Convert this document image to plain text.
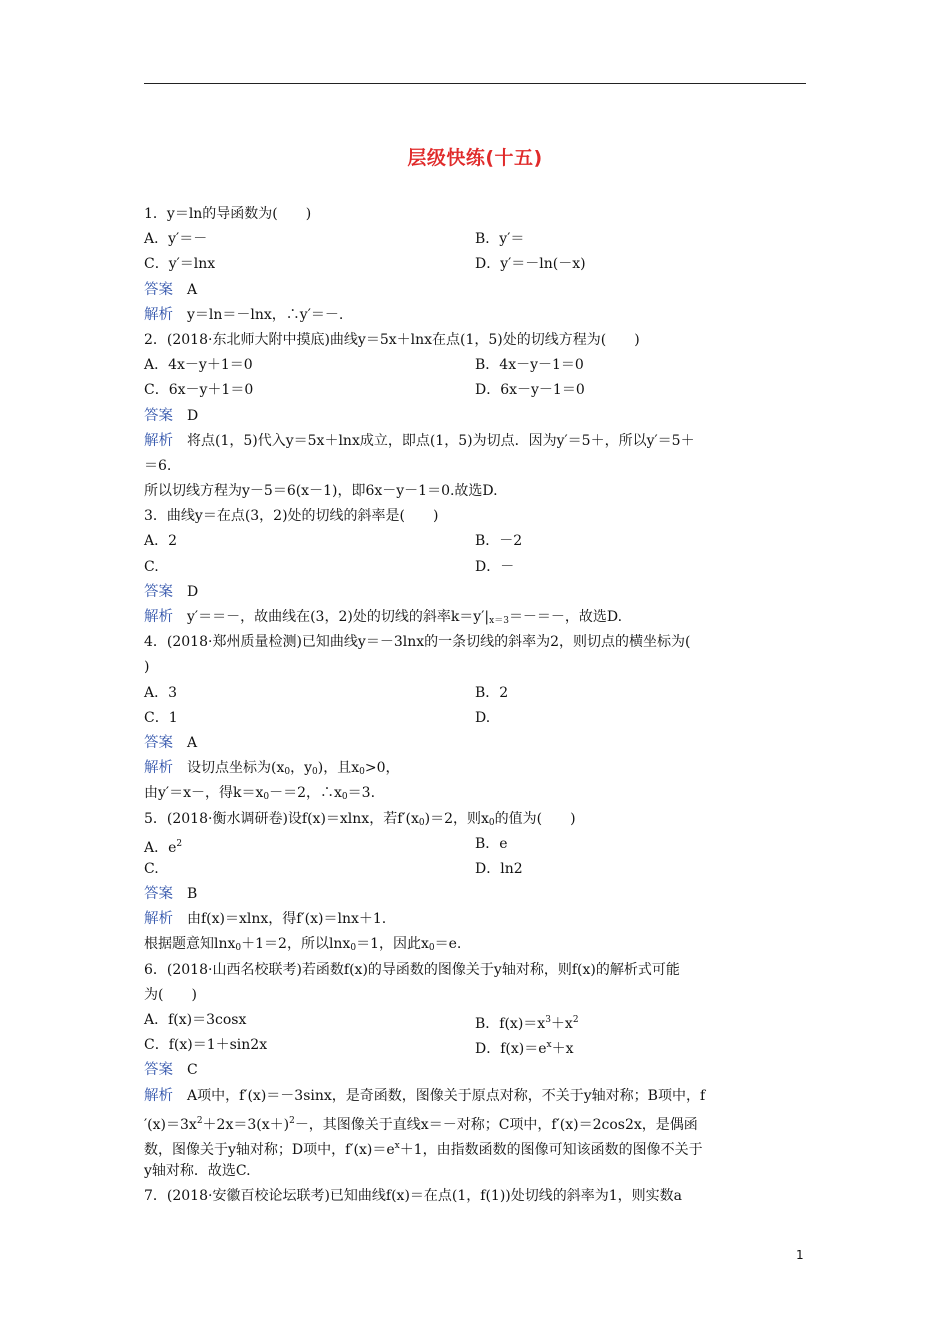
层级快练(十五)
1．y＝ln的导函数为(　　)
A．y′＝－	B．y′＝
C．y′＝lnx	D．y′＝－ln(－x)
答案 A
解析 y＝ln＝－lnx，∴y′＝－.
2．(2018·东北师大附中摸底)曲线y＝5x＋lnx在点(1，5)处的切线方程为(　　)
A．4x－y＋1＝0	B．4x－y－1＝0
C．6x－y＋1＝0	D．6x－y－1＝0
答案 D
解析 将点(1，5)代入y＝5x＋lnx成立，即点(1，5)为切点．因为y′＝5＋，所以y′＝5＋
＝6.
所以切线方程为y－5＝6(x－1)，即6x－y－1＝0.故选D.
3．曲线y＝在点(3，2)处的切线的斜率是(　　)
A．2	B．－2
C.	D．－
答案 D
解析 y′＝＝－，故曲线在(3，2)处的切线的斜率$k=y'|_{x=3}=-=-$，故选D.
4．(2018·郑州质量检测)已知曲线y＝－3lnx的一条切线的斜率为2，则切点的横坐标为(
)
A．3	B．2
C．1	D.
答案 A
解析 设切点坐标为($x_0$，$y_0$)，且$x_0>0$，
由y′＝x－，得$k=x_0-=2$，$\therefore x_0=3$.
5．(2018·衡水调研卷)设f(x)＝xlnx，若$f'(x_0)=2$，则$x_0$的值为(　　)
A．$e^2$	B．e
C.	D．ln2
答案 B
解析 由f(x)＝xlnx，得f′(x)＝lnx＋1.
根据题意知lnx$_0$＋1＝2，所以lnx$_0$＝1，因此$x_0=e$.
6．(2018·山西名校联考)若函数f(x)的导函数的图像关于y轴对称，则f(x)的解析式可能
为(　　)
A．f(x)＝3cosx	B．$f(x)=x^3+x^2$
C．f(x)＝1＋sin2x	D．$f(x)=e^x+x$
答案 C
解析 A项中，f′(x)＝－3sinx，是奇函数，图像关于原点对称，不关于y轴对称；B项中，f
$'(x)=3x^2+2x=3(x+)^2-$，其图像关于直线x＝－对称；C项中，f′(x)＝2cos2x，是偶函
数，图像关于y轴对称；D项中，$f'(x)=e^x+1$，由指数函数的图像可知该函数的图像不关于
y轴对称．故选C.
7．(2018·安徽百校论坛联考)已知曲线f(x)＝在点(1，f(1))处切线的斜率为1，则实数a
1
